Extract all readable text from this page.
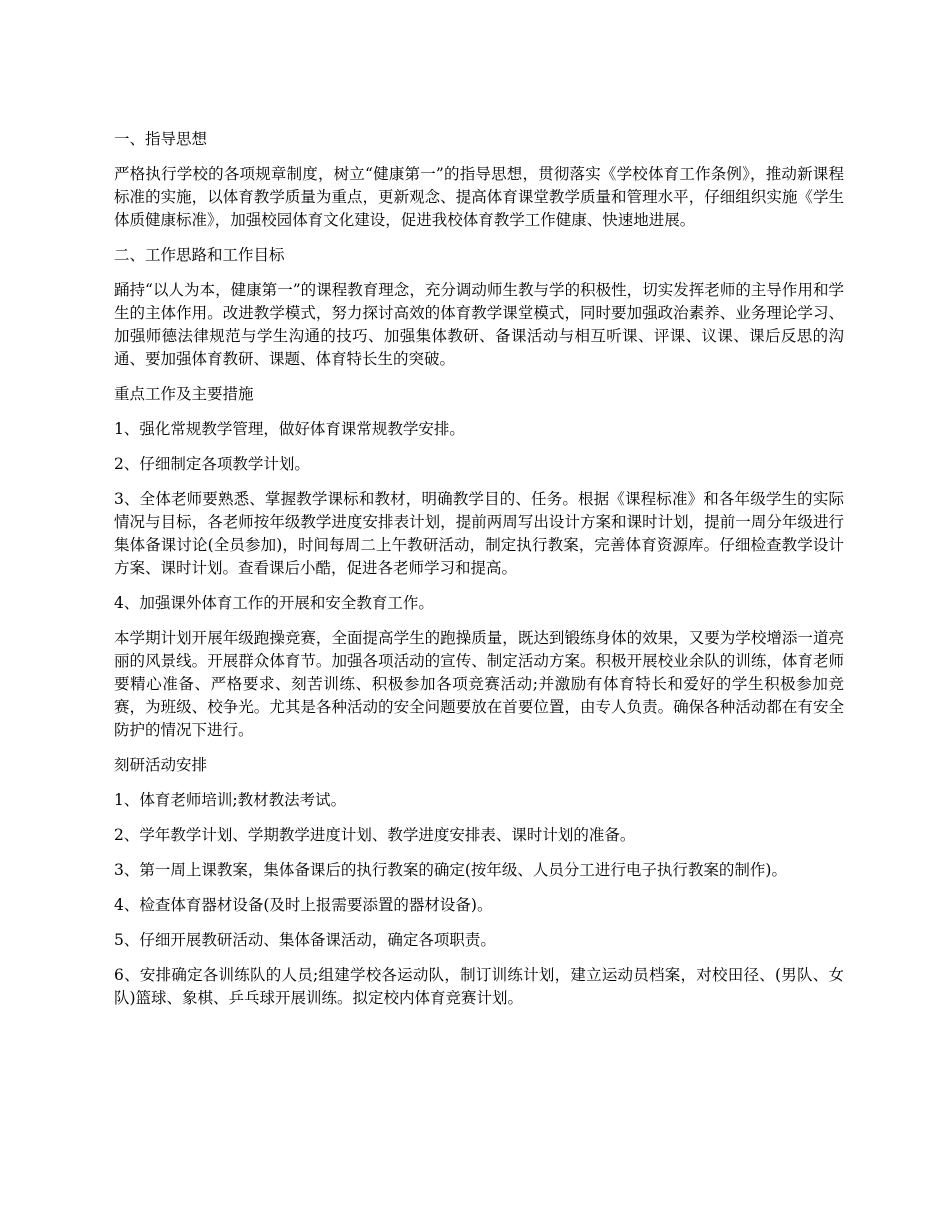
一、指导思想

严格执行学校的各项规章制度，树立“健康第一”的指导思想，贯彻落实《学校体育工作条例》，推动新课程标准的实施，以体育教学质量为重点，更新观念、提高体育课堂教学质量和管理水平，仔细组织实施《学生体质健康标准》，加强校园体育文化建设，促进我校体育教学工作健康、快速地进展。

二、工作思路和工作目标

踊持“以人为本，健康第一”的课程教育理念，充分调动师生教与学的积极性，切实发挥老师的主导作用和学生的主体作用。改进教学模式，努力探讨高效的体育教学课堂模式，同时要加强政治素养、业务理论学习、加强师德法律规范与学生沟通的技巧、加强集体教研、备课活动与相互听课、评课、议课、课后反思的沟通、要加强体育教研、课题、体育特长生的突破。

重点工作及主要措施

1、强化常规教学管理，做好体育课常规教学安排。

2、仔细制定各项教学计划。

3、全体老师要熟悉、掌握教学课标和教材，明确教学目的、任务。根据《课程标准》和各年级学生的实际情况与目标，各老师按年级教学进度安排表计划，提前两周写出设计方案和课时计划，提前一周分年级进行集体备课讨论(全员参加)，时间每周二上午教研活动，制定执行教案，完善体育资源库。仔细检查教学设计方案、课时计划。查看课后小酷，促进各老师学习和提高。

4、加强课外体育工作的开展和安全教育工作。

本学期计划开展年级跑操竞赛，全面提高学生的跑操质量，既达到锻练身体的效果，又要为学校增添一道亮丽的风景线。开展群众体育节。加强各项活动的宣传、制定活动方案。积极开展校业余队的训练，体育老师要精心准备、严格要求、刻苦训练、积极参加各项竞赛活动;并激励有体育特长和爱好的学生积极参加竞赛，为班级、校争光。尤其是各种活动的安全问题要放在首要位置，由专人负责。确保各种活动都在有安全防护的情况下进行。

刻研活动安排

1、体育老师培训;教材教法考试。

2、学年教学计划、学期教学进度计划、教学进度安排表、课时计划的准备。

3、第一周上课教案，集体备课后的执行教案的确定(按年级、人员分工进行电子执行教案的制作)。

4、检查体育器材设备(及时上报需要添置的器材设备)。

5、仔细开展教研活动、集体备课活动，确定各项职责。

6、安排确定各训练队的人员;组建学校各运动队，制订训练计划，建立运动员档案，对校田径、(男队、女队)篮球、象棋、乒乓球开展训练。拟定校内体育竞赛计划。
